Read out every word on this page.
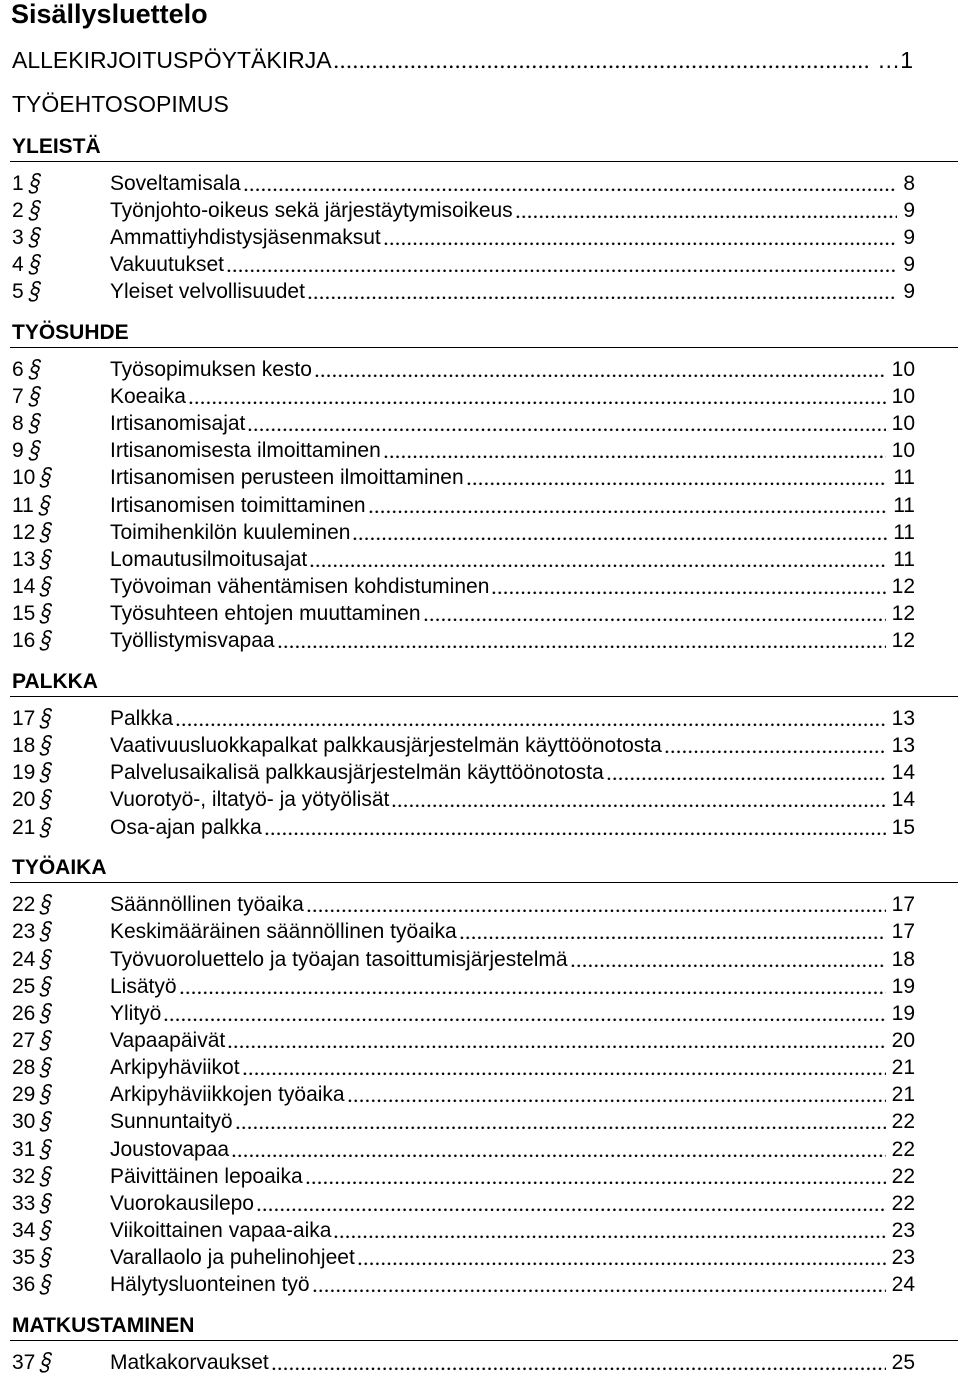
Sisällysluettelo
ALLEKIRJOITUSPÖYTÄKIRJA	…1
TYÖEHTOSOPIMUS
YLEISTÄ
1§	Soveltamisala	8
2§	Työnjohto-oikeus sekä järjestäytymisoikeus	9
3§	Ammattiyhdistysjäsenmaksut	9
4§	Vakuutukset	9
5§	Yleiset velvollisuudet	9
TYÖSUHDE
6§	Työsopimuksen kesto	10
7§	Koeaika	10
8§	Irtisanomisajat	10
9§	Irtisanomisesta ilmoittaminen	10
10§	Irtisanomisen perusteen ilmoittaminen	11
11§	Irtisanomisen toimittaminen	11
12§	Toimihenkilön kuuleminen	11
13§	Lomautusilmoitusajat	11
14§	Työvoiman vähentämisen kohdistuminen	12
15§	Työsuhteen ehtojen muuttaminen	12
16§	Työllistymisvapaa	12
PALKKA
17§	Palkka	13
18§	Vaativuusluokkapalkat palkkausjärjestelmän käyttöönotosta	13
19§	Palvelusaikalisä palkkausjärjestelmän käyttöönotosta	14
20§	Vuorotyö-, iltatyö- ja yötyölisät	14
21§	Osa-ajan palkka	15
TYÖAIKA
22§	Säännöllinen työaika	17
23§	Keskimääräinen säännöllinen työaika	17
24§	Työvuoroluettelo ja työajan tasoittumisjärjestelmä	18
25§	Lisätyö	19
26§	Ylityö	19
27§	Vapaapäivät	20
28§	Arkipyhäviikot	21
29§	Arkipyhäviikkojen työaika	21
30§	Sunnuntaityö	22
31§	Joustovapaa	22
32§	Päivittäinen lepoaika	22
33§	Vuorokausilepo	22
34§	Viikoittainen vapaa-aika	23
35§	Varallaolo ja puhelinohjeet	23
36§	Hälytysluonteinen työ	24
MATKUSTAMINEN
37§	Matkakorvaukset	25
